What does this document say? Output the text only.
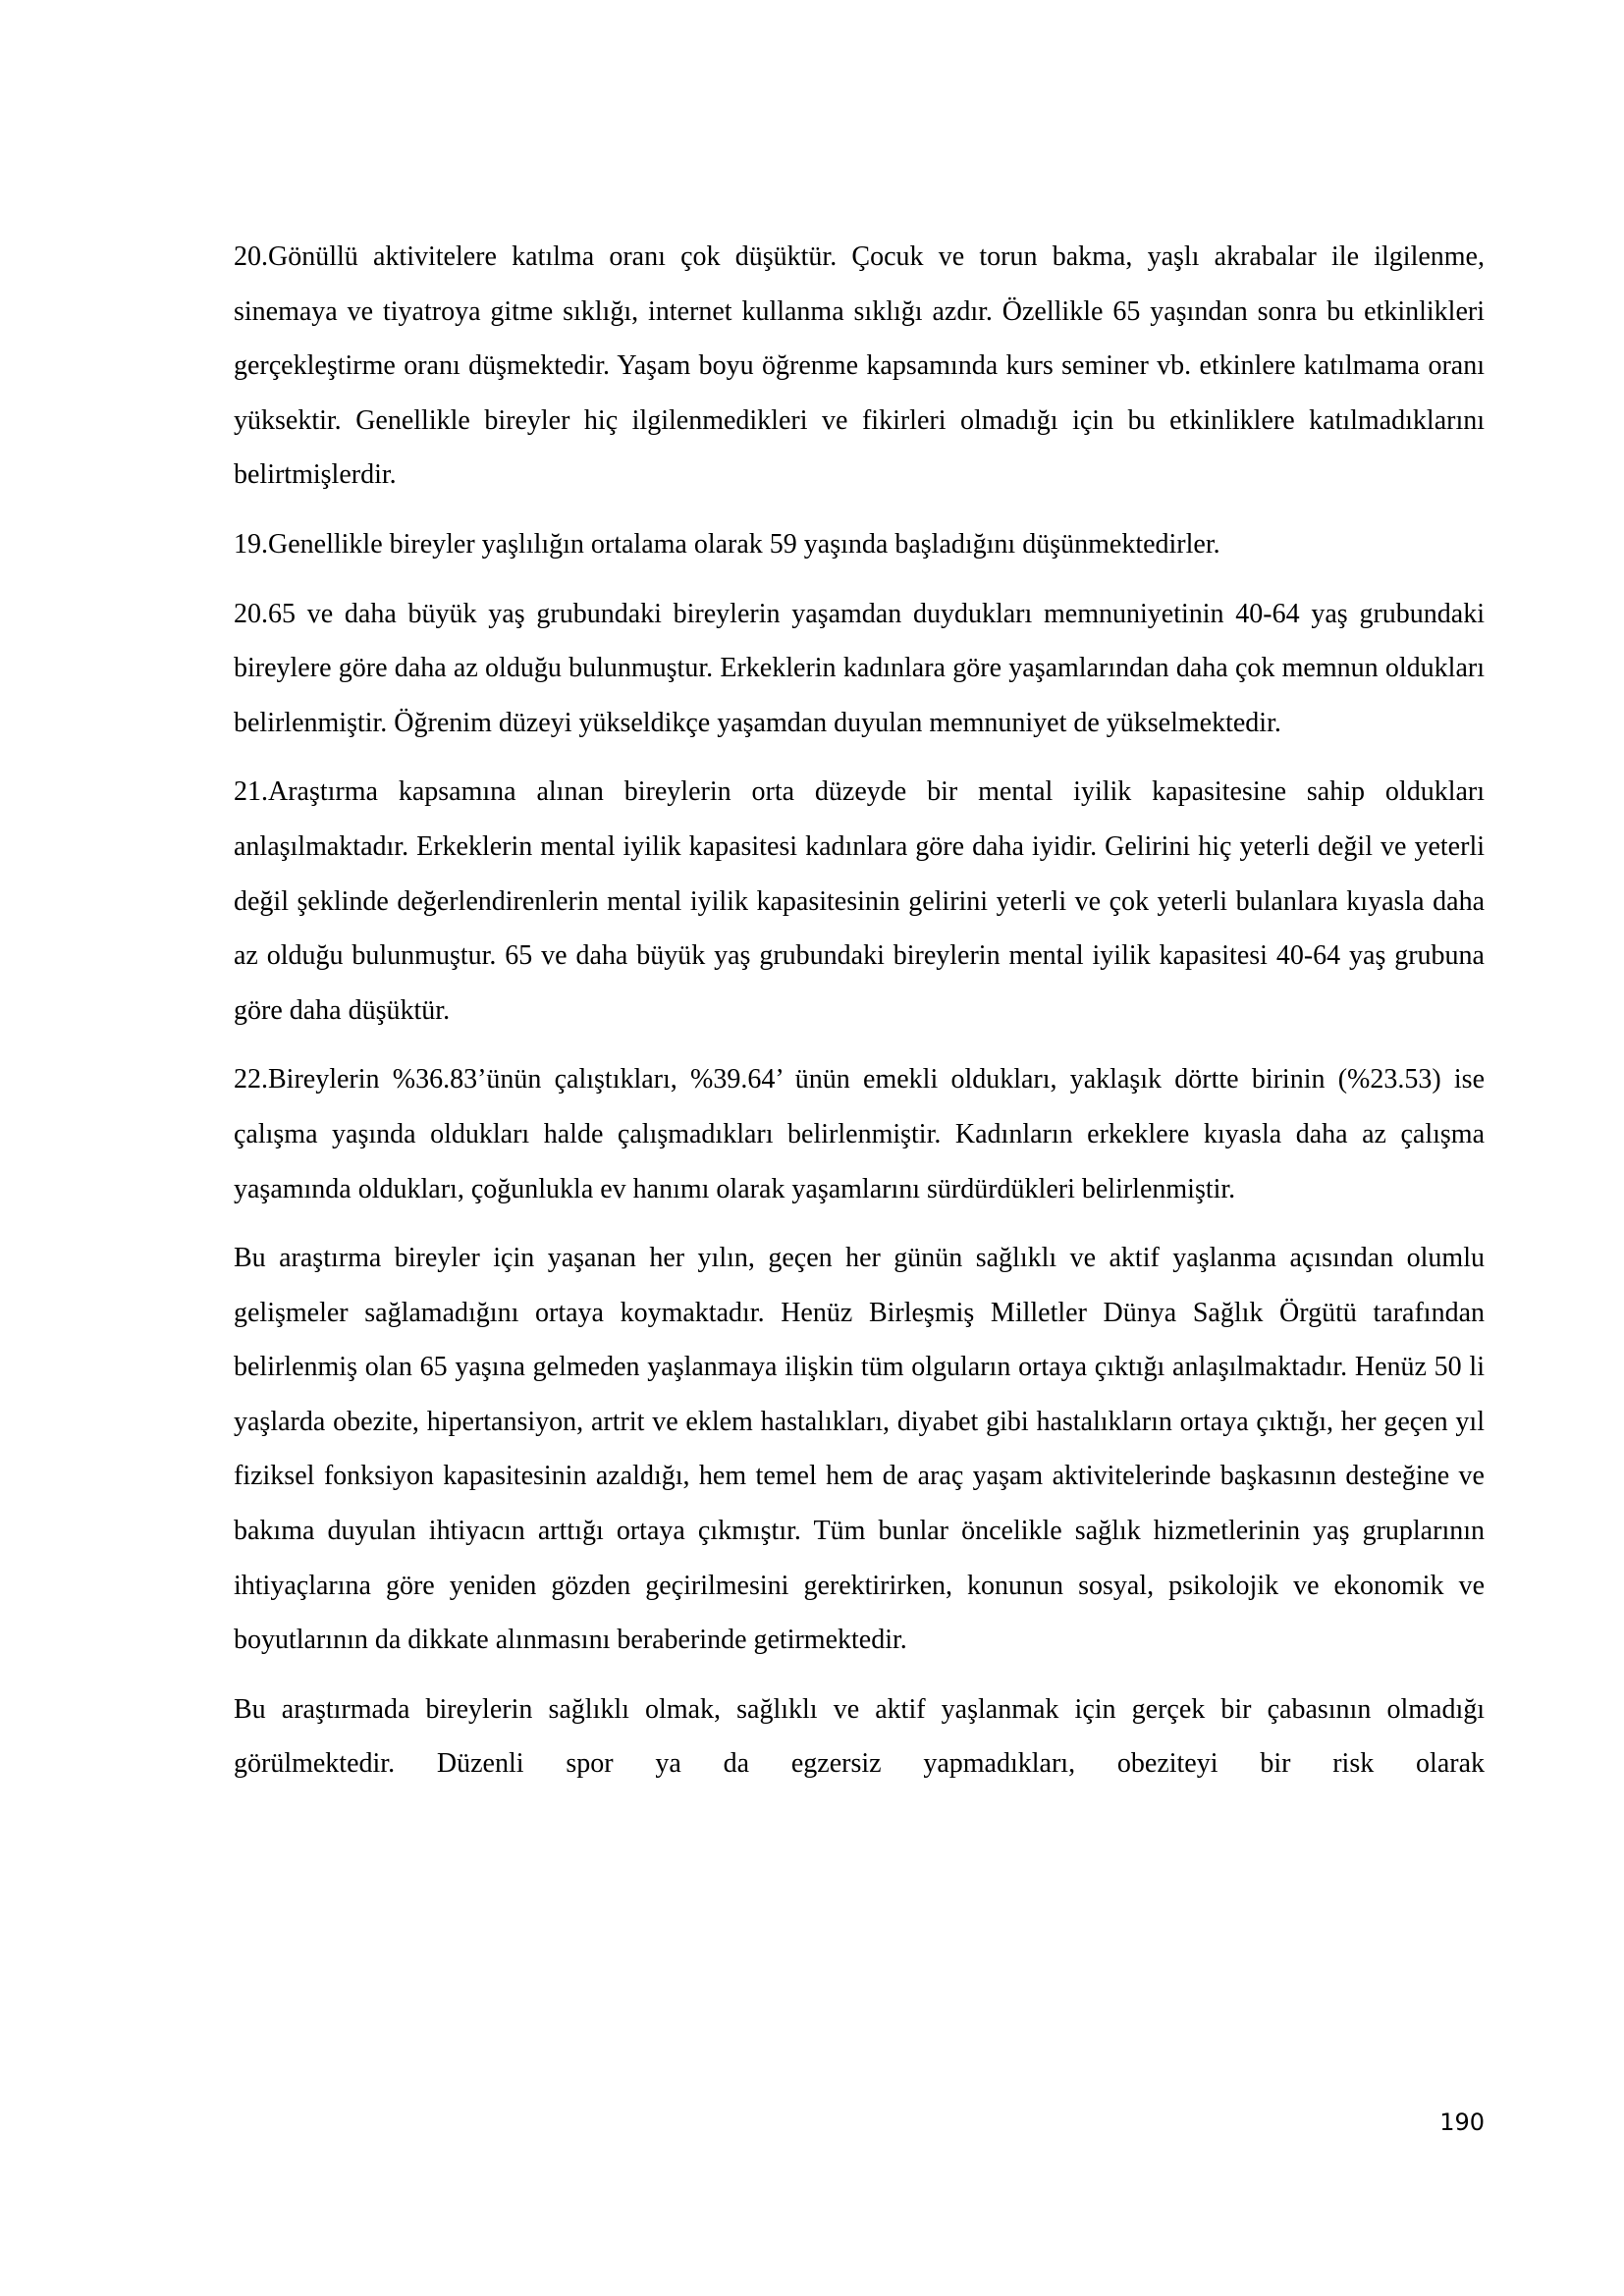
20.Gönüllü aktivitelere katılma oranı çok düşüktür. Çocuk ve torun bakma, yaşlı akrabalar ile ilgilenme, sinemaya ve tiyatroya gitme sıklığı, internet kullanma sıklığı azdır. Özellikle 65 yaşından sonra bu etkinlikleri gerçekleştirme oranı düşmektedir. Yaşam boyu öğrenme kapsamında kurs seminer vb. etkinlere katılmama oranı yüksektir. Genellikle bireyler hiç ilgilenmedikleri ve fikirleri olmadığı için bu etkinliklere katılmadıklarını belirtmişlerdir.

19.Genellikle bireyler yaşlılığın ortalama olarak 59 yaşında başladığını düşünmektedirler.

20.65 ve daha büyük yaş grubundaki bireylerin yaşamdan duydukları memnuniyetinin 40-64 yaş grubundaki bireylere göre daha az olduğu bulunmuştur. Erkeklerin kadınlara göre yaşamlarından daha çok memnun oldukları belirlenmiştir. Öğrenim düzeyi yükseldikçe yaşamdan duyulan memnuniyet de yükselmektedir.

21.Araştırma kapsamına alınan bireylerin orta düzeyde bir mental iyilik kapasitesine sahip oldukları anlaşılmaktadır. Erkeklerin mental iyilik kapasitesi kadınlara göre daha iyidir. Gelirini hiç yeterli değil ve yeterli değil şeklinde değerlendirenlerin mental iyilik kapasitesinin gelirini yeterli ve çok yeterli bulanlara kıyasla daha az olduğu bulunmuştur. 65 ve daha büyük yaş grubundaki bireylerin mental iyilik kapasitesi 40-64 yaş grubuna göre daha düşüktür.

22.Bireylerin %36.83’ünün çalıştıkları, %39.64’ ünün emekli oldukları, yaklaşık dörtte birinin (%23.53) ise çalışma yaşında oldukları halde çalışmadıkları belirlenmiştir. Kadınların erkeklere kıyasla daha az çalışma yaşamında oldukları, çoğunlukla ev hanımı olarak yaşamlarını sürdürdükleri belirlenmiştir.

Bu araştırma bireyler için yaşanan her yılın, geçen her günün sağlıklı ve aktif yaşlanma açısından olumlu gelişmeler sağlamadığını ortaya koymaktadır. Henüz Birleşmiş Milletler Dünya Sağlık Örgütü tarafından belirlenmiş olan 65 yaşına gelmeden yaşlanmaya ilişkin tüm olguların ortaya çıktığı anlaşılmaktadır. Henüz 50 li yaşlarda obezite, hipertansiyon, artrit ve eklem hastalıkları, diyabet gibi hastalıkların ortaya çıktığı, her geçen yıl fiziksel fonksiyon kapasitesinin azaldığı, hem temel hem de araç yaşam aktivitelerinde başkasının desteğine ve bakıma duyulan ihtiyacın arttığı ortaya çıkmıştır. Tüm bunlar öncelikle sağlık hizmetlerinin yaş gruplarının ihtiyaçlarına göre yeniden gözden geçirilmesini gerektirirken, konunun sosyal, psikolojik ve ekonomik ve boyutlarının da dikkate alınmasını beraberinde getirmektedir.

Bu araştırmada bireylerin sağlıklı olmak, sağlıklı ve aktif yaşlanmak için gerçek bir çabasının olmadığı görülmektedir. Düzenli spor ya da egzersiz yapmadıkları, obeziteyi bir risk olarak

190
